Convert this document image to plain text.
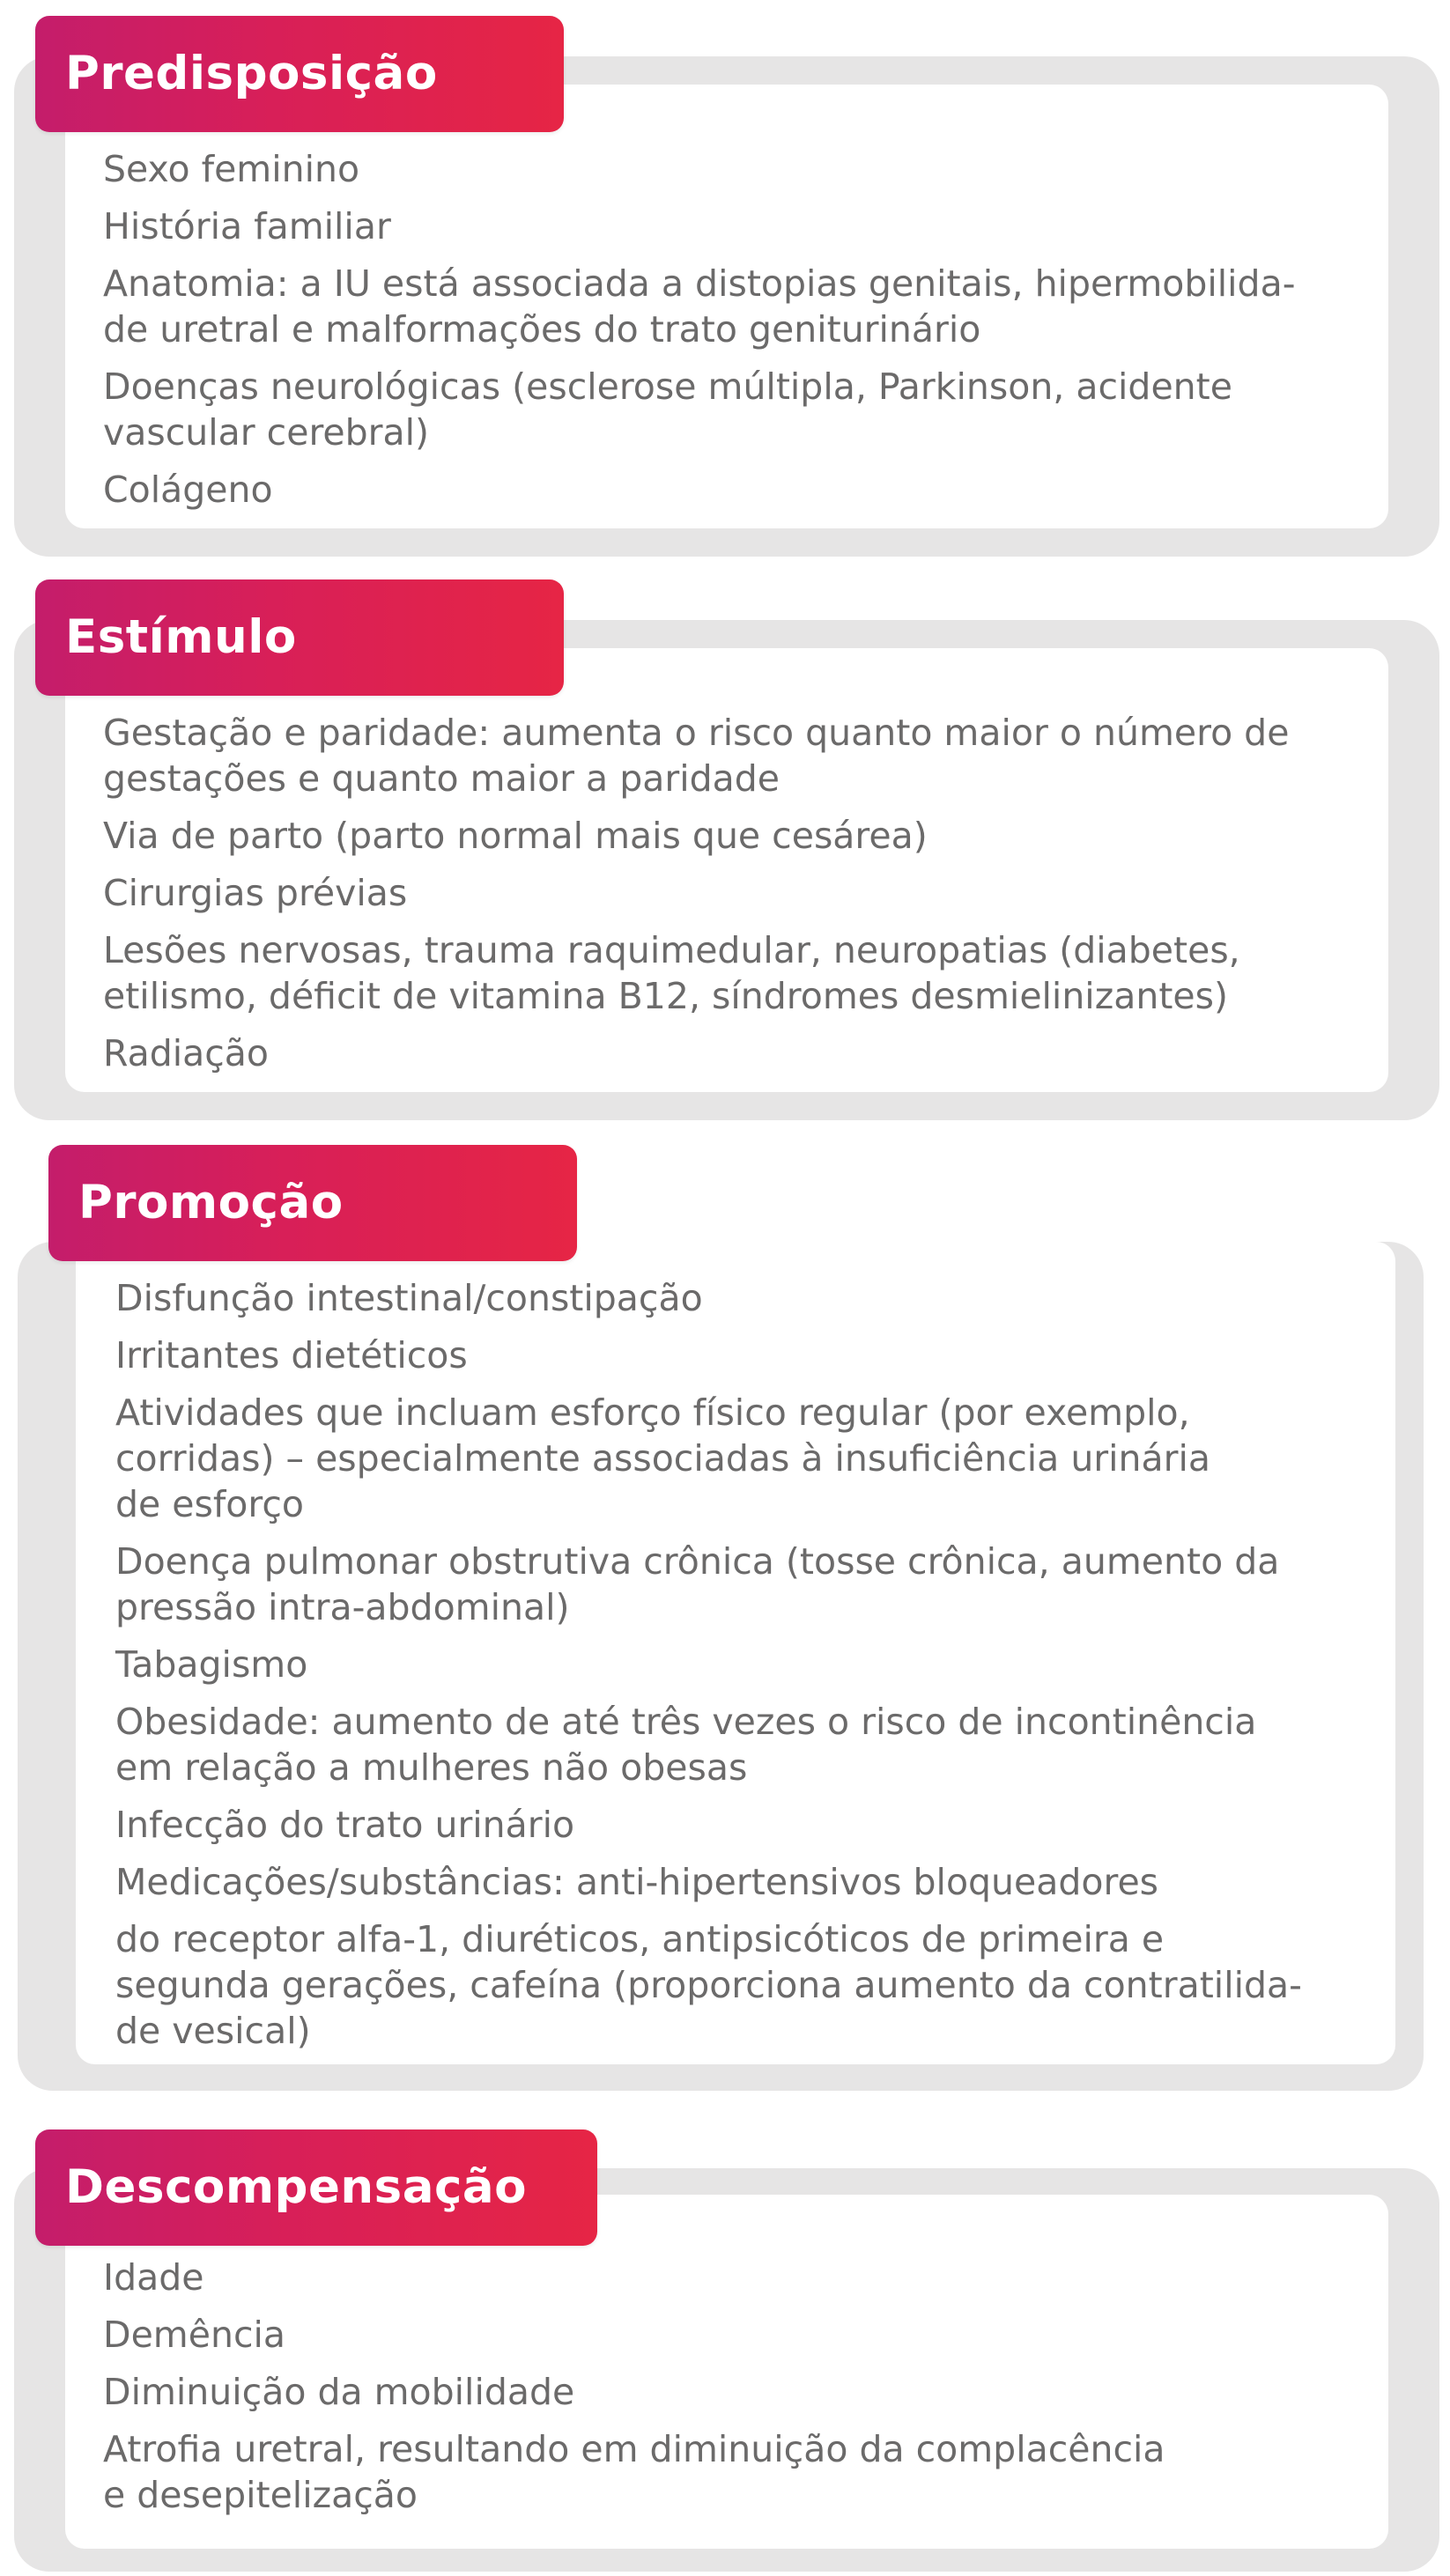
Predisposição
Sexo feminino
História familiar
Anatomia: a IU está associada a distopias genitais, hipermobilida-
de uretral e malformações do trato geniturinário
Doenças neurológicas (esclerose múltipla, Parkinson, acidente
vascular cerebral)
Colágeno
Estímulo
Gestação e paridade: aumenta o risco quanto maior o número de
gestações e quanto maior a paridade
Via de parto (parto normal mais que cesárea)
Cirurgias prévias
Lesões nervosas, trauma raquimedular, neuropatias (diabetes,
etilismo, déficit de vitamina B12, síndromes desmielinizantes)
Radiação
Promoção
Disfunção intestinal/constipação
Irritantes dietéticos
Atividades que incluam esforço físico regular (por exemplo,
corridas) – especialmente associadas à insuficiência urinária
de esforço
Doença pulmonar obstrutiva crônica (tosse crônica, aumento da
pressão intra-abdominal)
Tabagismo
Obesidade: aumento de até três vezes o risco de incontinência
em relação a mulheres não obesas
Infecção do trato urinário
Medicações/substâncias: anti-hipertensivos bloqueadores
do receptor alfa-1, diuréticos, antipsicóticos de primeira e
segunda gerações, cafeína (proporciona aumento da contratilida-
de vesical)
Descompensação
Idade
Demência
Diminuição da mobilidade
Atrofia uretral, resultando em diminuição da complacência
e desepitelização
